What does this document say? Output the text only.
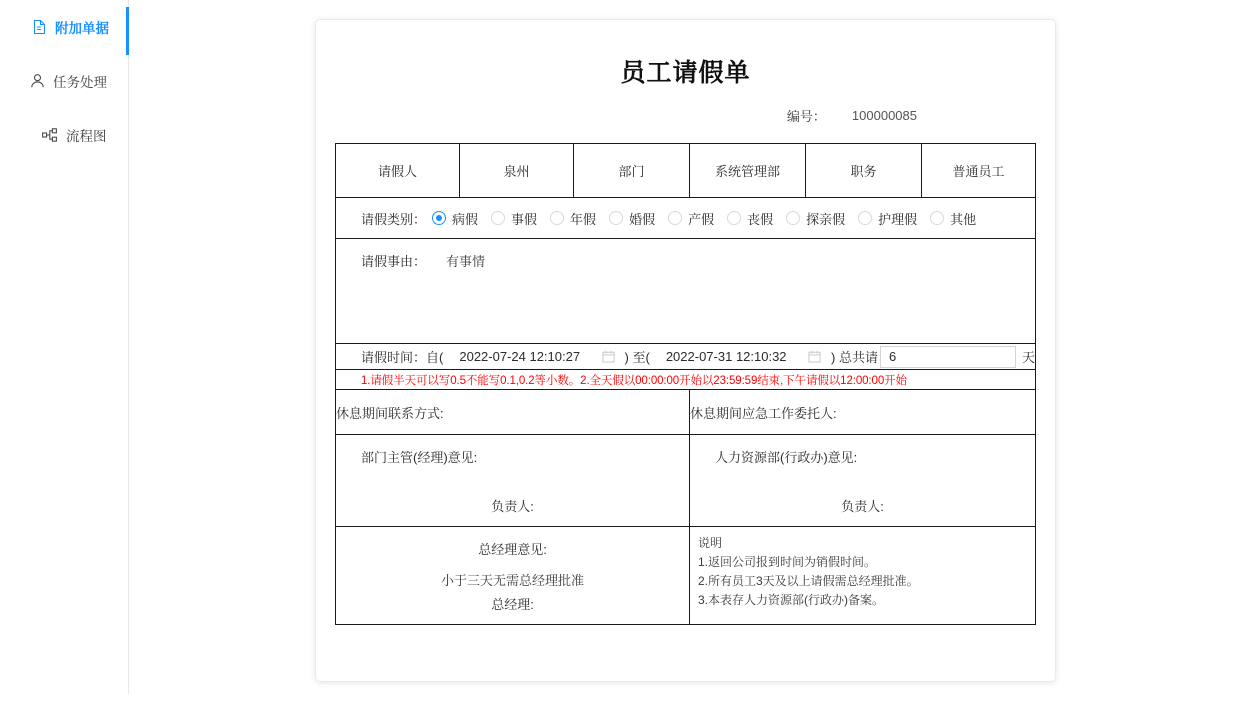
附加单据
任务处理
流程图
员工请假单
编号： 100000085
请假人	泉州	部门	系统管理部	职务	普通员工

请假类别： 病假	事假	年假	婚假	产假	丧假	探亲假	护理假	其他

请假事由： 有事情					

请假时间： 自(	2022-07-24 12:10:27	) 至(	2022-07-31 12:10:32	) 总共请
6	天

1.请假半天可以写0.5不能写0.1,0.2等小数。2.全天假以00:00:00开始以23:59:59结束,下午请假以12:00:00开始					

休息期间联系方式:			休息期间应急工作委托人:		

部门主管(经理)意见:
负责人:

人力资源部(行政办)意见:
负责人:

总经理意见:
小于三天无需总经理批准
总经理:

说明
1.返回公司报到时间为销假时间。
2.所有员工3天及以上请假需总经理批准。
3.本表存人力资源部(行政办)备案。
